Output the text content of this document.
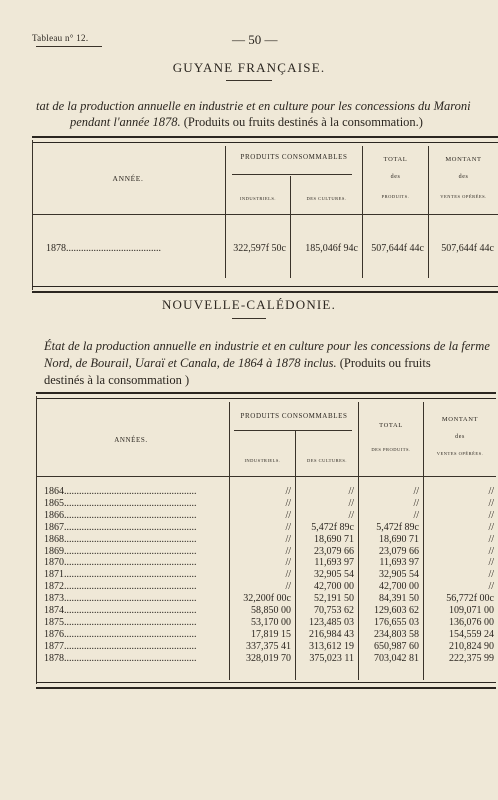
Tableau n° 12.	— 50 —
GUYANE FRANÇAISE.
tat de la production annuelle en industrie et en culture pour les concessions du Maroni
pendant l'année 1878. (Produits ou fruits destinés à la consommation.)
ANNÉE.
PRODUITS CONSOMMABLES
INDUSTRIELS.	DES CULTURES.
TOTAL
des
PRODUITS.
MONTANT
des
VENTES OPÉRÉES.
1878......................................	322,597f 50c	185,046f 94c	507,644f 44c	507,644f 44c
NOUVELLE-CALÉDONIE.
État de la production annuelle en industrie et en culture pour les concessions de la ferme
Nord, de Bourail, Uaraï et Canala, de 1864 à 1878 inclus. (Produits ou fruits
destinés à la consommation )
ANNÉES.
PRODUITS CONSOMMABLES
INDUSTRIELS.	DES CULTURES.
TOTAL
DES PRODUITS.
MONTANT
des
VENTES OPÉRÉES.
1864.....................................................	//	//	//	//
1865.....................................................	//	//	//	//
1866.....................................................	//	//	//	//
1867.....................................................	//	5,472f 89c	5,472f 89c	//
1868.....................................................	//	18,690 71	18,690 71	//
1869.....................................................	//	23,079 66	23,079 66	//
1870.....................................................	//	11,693 97	11,693 97	//
1871.....................................................	//	32,905 54	32,905 54	//
1872.....................................................	//	42,700 00	42,700 00	//
1873.....................................................	32,200f 00c	52,191 50	84,391 50	56,772f 00c
1874.....................................................	58,850 00	70,753 62	129,603 62	109,071 00
1875.....................................................	53,170 00	123,485 03	176,655 03	136,076 00
1876.....................................................	17,819 15	216,984 43	234,803 58	154,559 24
1877.....................................................	337,375 41	313,612 19	650,987 60	210,824 90
1878.....................................................	328,019 70	375,023 11	703,042 81	222,375 99
